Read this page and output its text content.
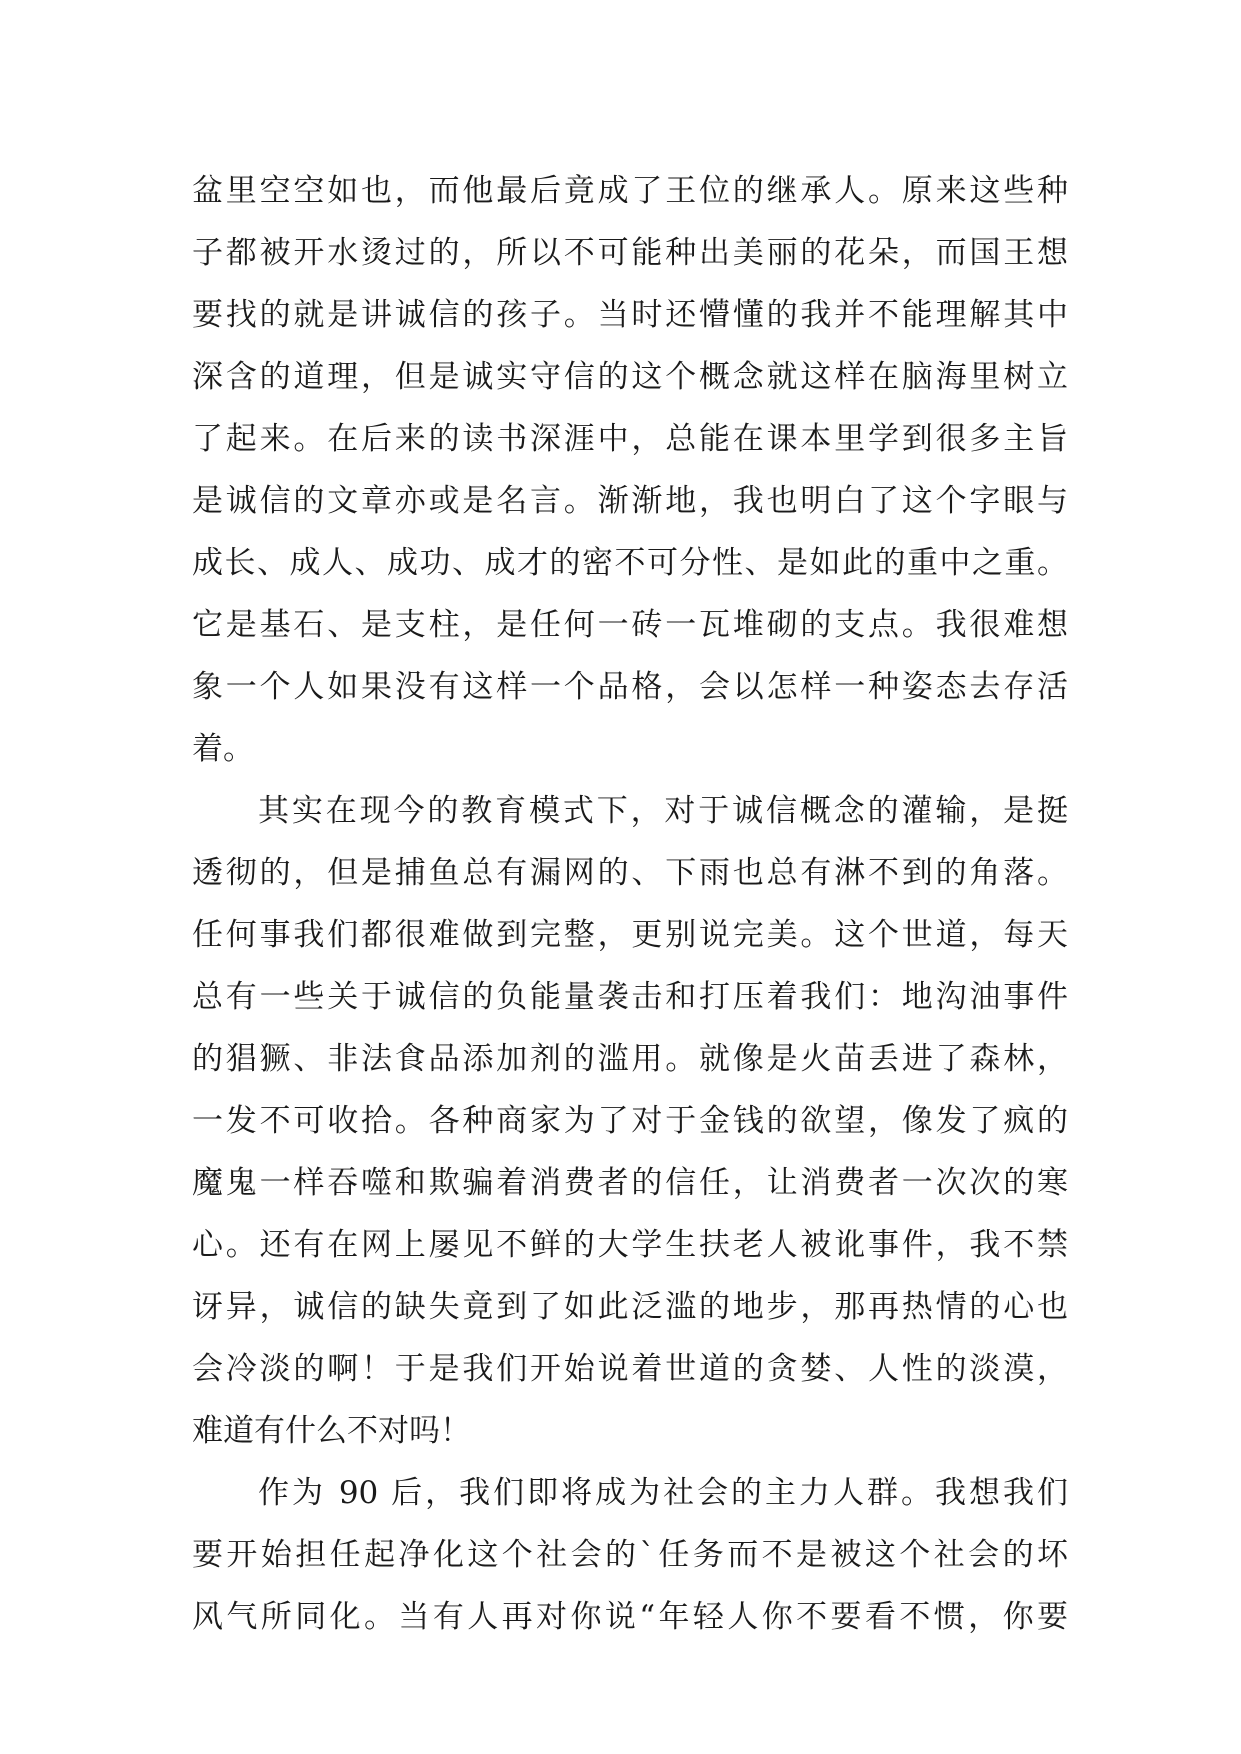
盆里空空如也，而他最后竟成了王位的继承人。原来这些种
子都被开水烫过的，所以不可能种出美丽的花朵，而国王想
要找的就是讲诚信的孩子。当时还懵懂的我并不能理解其中
深含的道理，但是诚实守信的这个概念就这样在脑海里树立
了起来。在后来的读书深涯中，总能在课本里学到很多主旨
是诚信的文章亦或是名言。渐渐地，我也明白了这个字眼与
成长、成人、成功、成才的密不可分性、是如此的重中之重。
它是基石、是支柱，是任何一砖一瓦堆砌的支点。我很难想
象一个人如果没有这样一个品格，会以怎样一种姿态去存活
着。
其实在现今的教育模式下，对于诚信概念的灌输，是挺
透彻的，但是捕鱼总有漏网的、下雨也总有淋不到的角落。
任何事我们都很难做到完整，更别说完美。这个世道，每天
总有一些关于诚信的负能量袭击和打压着我们：地沟油事件
的猖獗、非法食品添加剂的滥用。就像是火苗丢进了森林，
一发不可收拾。各种商家为了对于金钱的欲望，像发了疯的
魔鬼一样吞噬和欺骗着消费者的信任，让消费者一次次的寒
心。还有在网上屡见不鲜的大学生扶老人被讹事件，我不禁
讶异，诚信的缺失竟到了如此泛滥的地步，那再热情的心也
会冷淡的啊！于是我们开始说着世道的贪婪、人性的淡漠，
难道有什么不对吗！
作为 90 后，我们即将成为社会的主力人群。我想我们
要开始担任起净化这个社会的`任务而不是被这个社会的坏
风气所同化。当有人再对你说“年轻人你不要看不惯，你要
